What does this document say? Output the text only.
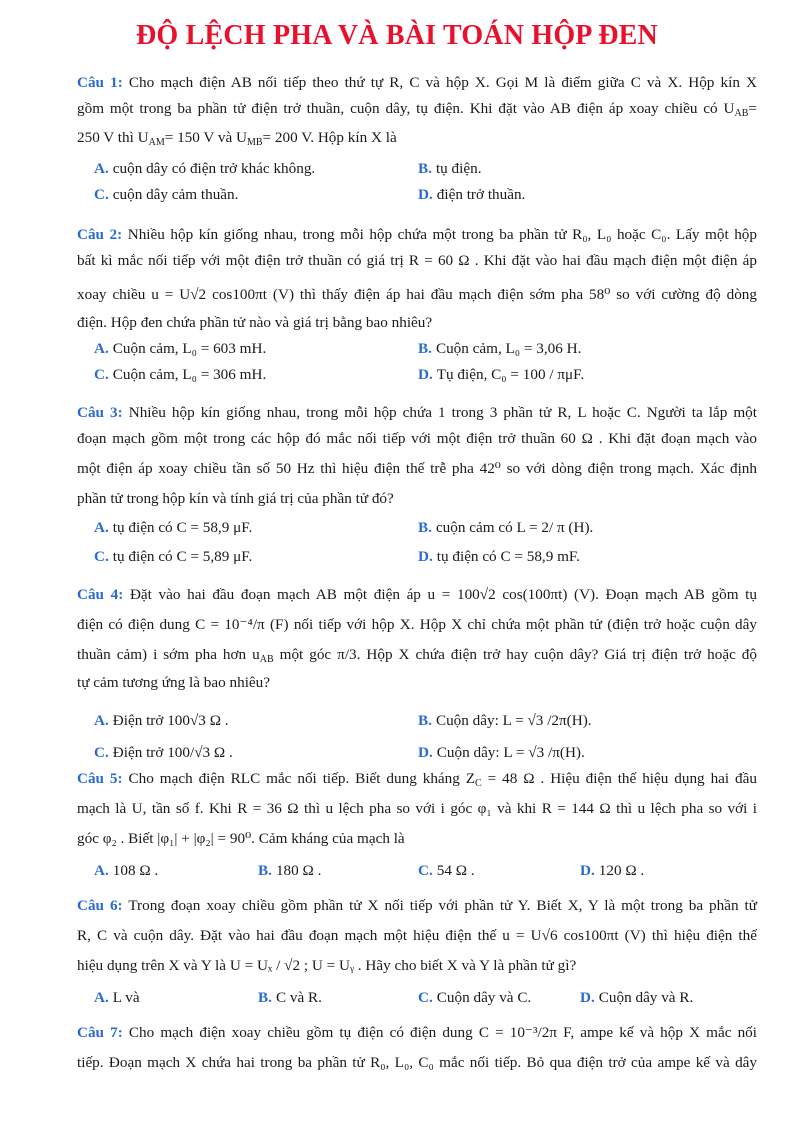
ĐỘ LỆCH PHA VÀ BÀI TOÁN HỘP ĐEN
Câu 1: Cho mạch điện AB nối tiếp theo thứ tự R, C và hộp X. Gọi M là điểm giữa C và X. Hộp kín X
gồm một trong ba phần tử điện trở thuần, cuộn dây, tụ điện. Khi đặt vào AB điện áp xoay chiều có $U_{AB}=$
250 V thì $U_{AM}= 150$ V và $U_{MB}= 200$ V. Hộp kín X là
A. cuộn dây có điện trở khác không.	B. tụ điện.
C. cuộn dây cảm thuần.	D. điện trở thuần.
Câu 2: Nhiều hộp kín giống nhau, trong mỗi hộp chứa một trong ba phần tử R₀, L₀ hoặc C₀. Lấy một hộp
bất kì mắc nối tiếp với một điện trở thuần có giá trị R = 60 Ω . Khi đặt vào hai đầu mạch điện một điện áp
xoay chiều u = U√2 cos100πt (V) thì thấy điện áp hai đầu mạch điện sớm pha 58⁰ so với cường độ dòng
điện. Hộp đen chứa phần tử nào và giá trị bằng bao nhiêu?
A. Cuộn cảm, L₀ = 603 mH.	B. Cuộn cảm, L₀ = 3,06 H.
C. Cuộn cảm, L₀ = 306 mH.	D. Tụ điện, C₀ = 100 / πμF.
Câu 3: Nhiều hộp kín giống nhau, trong mỗi hộp chứa 1 trong 3 phần tử R, L hoặc C. Người ta lắp một
đoạn mạch gồm một trong các hộp đó mắc nối tiếp với một điện trở thuần 60 Ω . Khi đặt đoạn mạch vào
một điện áp xoay chiều tần số 50 Hz thì hiệu điện thế trễ pha 42⁰ so với dòng điện trong mạch. Xác định
phần tử trong hộp kín và tính giá trị của phần tử đó?
A. tụ điện có C = 58,9 μF.	B. cuộn cảm có L = 2/ π (H).
C. tụ điện có C = 5,89 μF.	D. tụ điện có C = 58,9 mF.
Câu 4: Đặt vào hai đầu đoạn mạch AB một điện áp u = 100√2 cos(100πt) (V). Đoạn mạch AB gồm tụ
điện có điện dung C = 10⁻⁴/π (F) nối tiếp với hộp X. Hộp X chỉ chứa một phần tử (điện trở hoặc cuộn dây
thuần cảm) i sớm pha hơn $u_{AB}$ một góc π/3. Hộp X chứa điện trở hay cuộn dây? Giá trị điện trở hoặc độ
tự cảm tương ứng là bao nhiêu?
A. Điện trở 100√3 Ω .	B. Cuộn dây: L = √3 /2π(H).
C. Điện trở 100/√3 Ω .	D. Cuộn dây: L = √3 /π(H).
Câu 5: Cho mạch điện RLC mắc nối tiếp. Biết dung kháng $Z_C = 48$ Ω . Hiệu điện thế hiệu dụng hai đầu
mạch là U, tần số f. Khi R = 36 Ω thì u lệch pha so với i góc φ₁ và khi R = 144 Ω thì u lệch pha so với i
góc φ₂ . Biết |φ₁| + |φ₂| = 90⁰. Cảm kháng của mạch là
A. 108 Ω .	B. 180 Ω .	C. 54 Ω .	D. 120 Ω .
Câu 6: Trong đoạn xoay chiều gồm phần tử X nối tiếp với phần tử Y. Biết X, Y là một trong ba phần tử
R, C và cuộn dây. Đặt vào hai đầu đoạn mạch một hiệu điện thế u = U√6 cos100πt (V) thì hiệu điện thế
hiệu dụng trên X và Y là U = Uₓ / √2 ; U = Uᵧ . Hãy cho biết X và Y là phần tử gì?
A. L và	B. C và R.	C. Cuộn dây và C.	D. Cuộn dây và R.
Câu 7: Cho mạch điện xoay chiều gồm tụ điện có điện dung C = 10⁻³/2π F, ampe kế và hộp X mắc nối
tiếp. Đoạn mạch X chứa hai trong ba phần tử R₀, L₀, C₀ mắc nối tiếp. Bỏ qua điện trở của ampe kế và dây
